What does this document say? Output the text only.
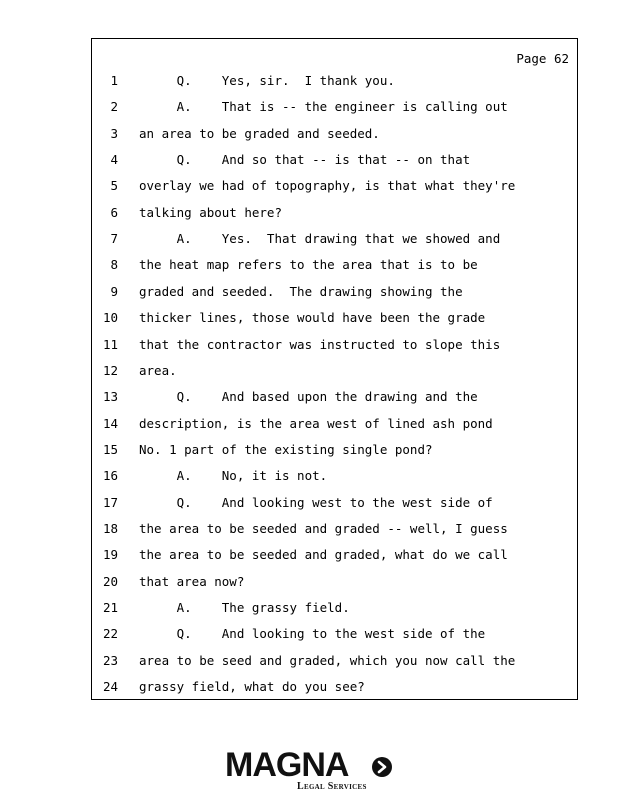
Page 62
1 Q.    Yes, sir.  I thank you.
2 A.    That is -- the engineer is calling out
3 an area to be graded and seeded.
4 Q.    And so that -- is that -- on that
5 overlay we had of topography, is that what they're
6 talking about here?
7 A.    Yes.  That drawing that we showed and
8 the heat map refers to the area that is to be
9 graded and seeded.  The drawing showing the
10 thicker lines, those would have been the grade
11 that the contractor was instructed to slope this
12 area.
13 Q.    And based upon the drawing and the
14 description, is the area west of lined ash pond
15 No. 1 part of the existing single pond?
16 A.    No, it is not.
17 Q.    And looking west to the west side of
18 the area to be seeded and graded -- well, I guess
19 the area to be seeded and graded, what do we call
20 that area now?
21 A.    The grassy field.
22 Q.    And looking to the west side of the
23 area to be seed and graded, which you now call the
24 grassy field, what do you see?
MAGNA
Legal Services
